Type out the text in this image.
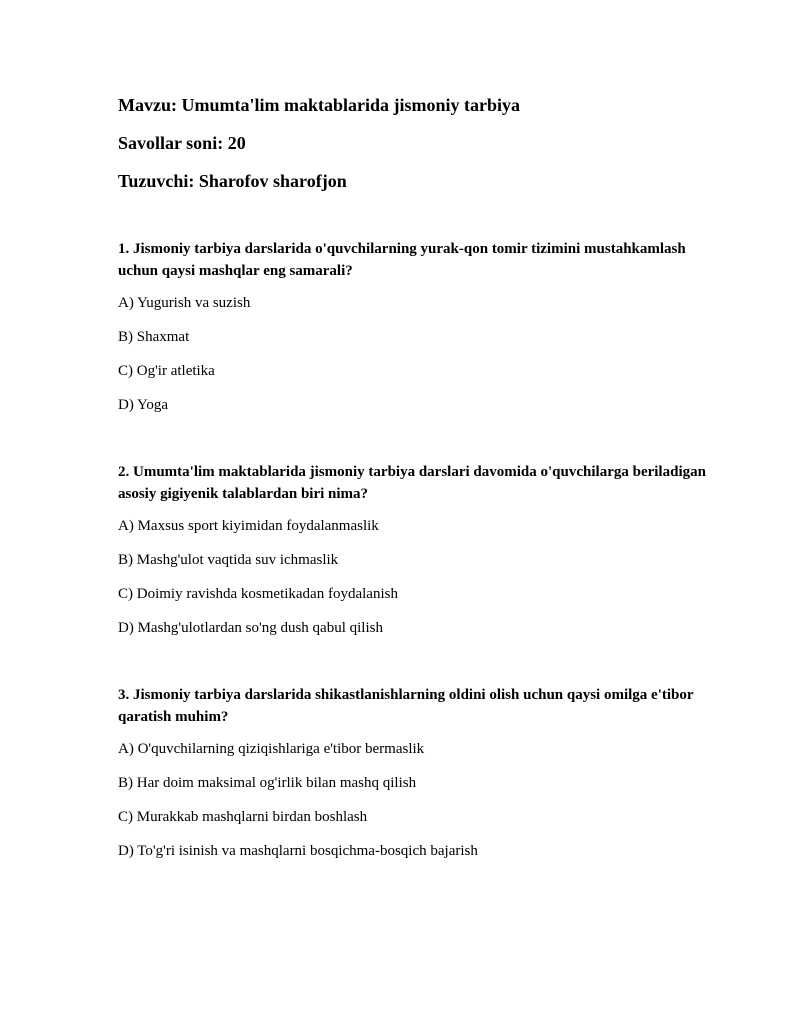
Mavzu: Umumta'lim maktablarida jismoniy tarbiya
Savollar soni: 20
Tuzuvchi: Sharofov sharofjon
1. Jismoniy tarbiya darslarida o'quvchilarning yurak-qon tomir tizimini mustahkamlash uchun qaysi mashqlar eng samarali?
A) Yugurish va suzish
B) Shaxmat
C) Og'ir atletika
D) Yoga
2. Umumta'lim maktablarida jismoniy tarbiya darslari davomida o'quvchilarga beriladigan asosiy gigiyenik talablardan biri nima?
A) Maxsus sport kiyimidan foydalanmaslik
B) Mashg'ulot vaqtida suv ichmaslik
C) Doimiy ravishda kosmetikadan foydalanish
D) Mashg'ulotlardan so'ng dush qabul qilish
3. Jismoniy tarbiya darslarida shikastlanishlarning oldini olish uchun qaysi omilga e'tibor qaratish muhim?
A) O'quvchilarning qiziqishlariga e'tibor bermaslik
B) Har doim maksimal og'irlik bilan mashq qilish
C) Murakkab mashqlarni birdan boshlash
D) To'g'ri isinish va mashqlarni bosqichma-bosqich bajarish
